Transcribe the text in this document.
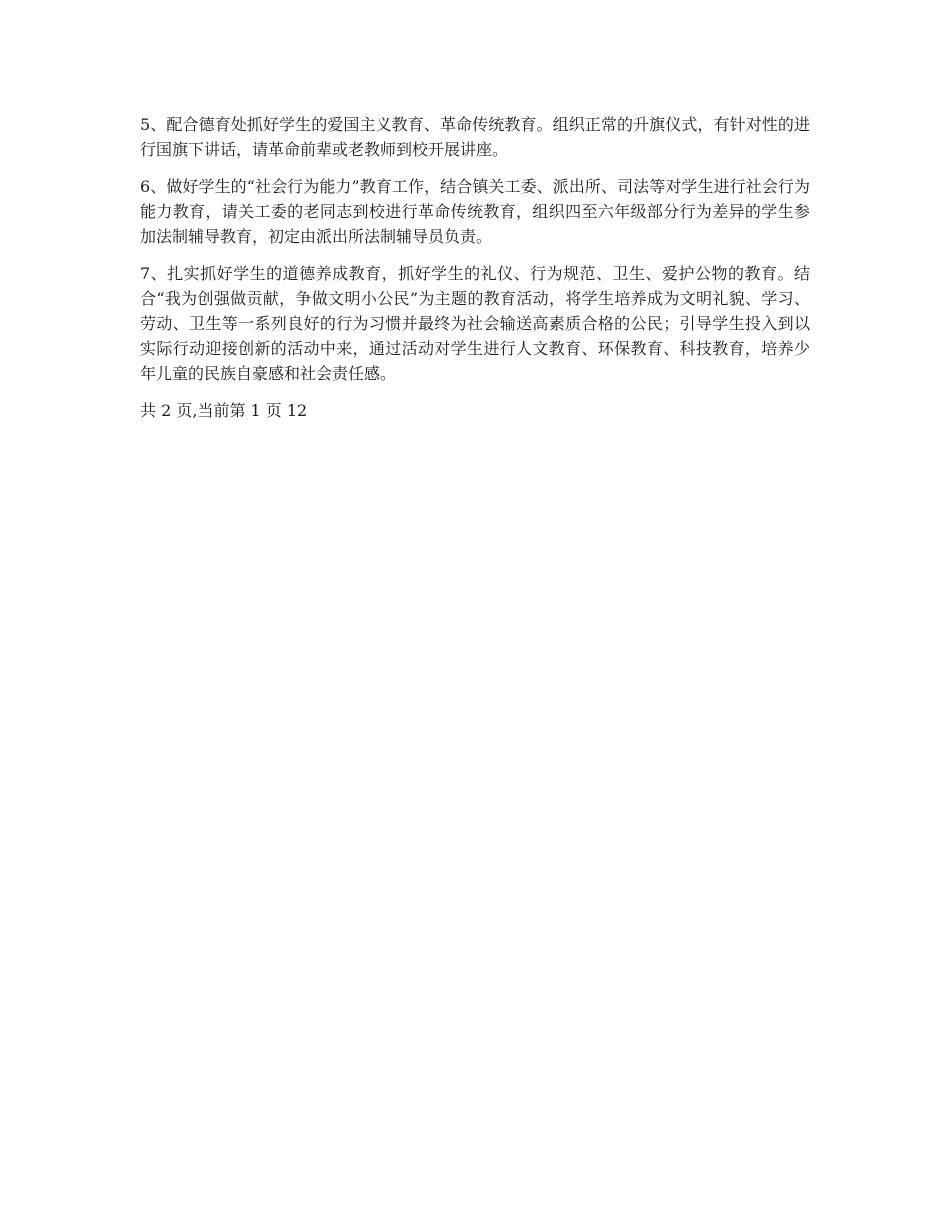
5、配合德育处抓好学生的爱国主义教育、革命传统教育。组织正常的升旗仪式，有针对性的进行国旗下讲话，请革命前辈或老教师到校开展讲座。

6、做好学生的“社会行为能力”教育工作，结合镇关工委、派出所、司法等对学生进行社会行为能力教育，请关工委的老同志到校进行革命传统教育，组织四至六年级部分行为差异的学生参加法制辅导教育，初定由派出所法制辅导员负责。

7、扎实抓好学生的道德养成教育，抓好学生的礼仪、行为规范、卫生、爱护公物的教育。结合“我为创强做贡献，争做文明小公民”为主题的教育活动，将学生培养成为文明礼貌、学习、劳动、卫生等一系列良好的行为习惯并最终为社会输送高素质合格的公民；引导学生投入到以实际行动迎接创新的活动中来，通过活动对学生进行人文教育、环保教育、科技教育，培养少年儿童的民族自豪感和社会责任感。

共 2 页,当前第 1 页 12
